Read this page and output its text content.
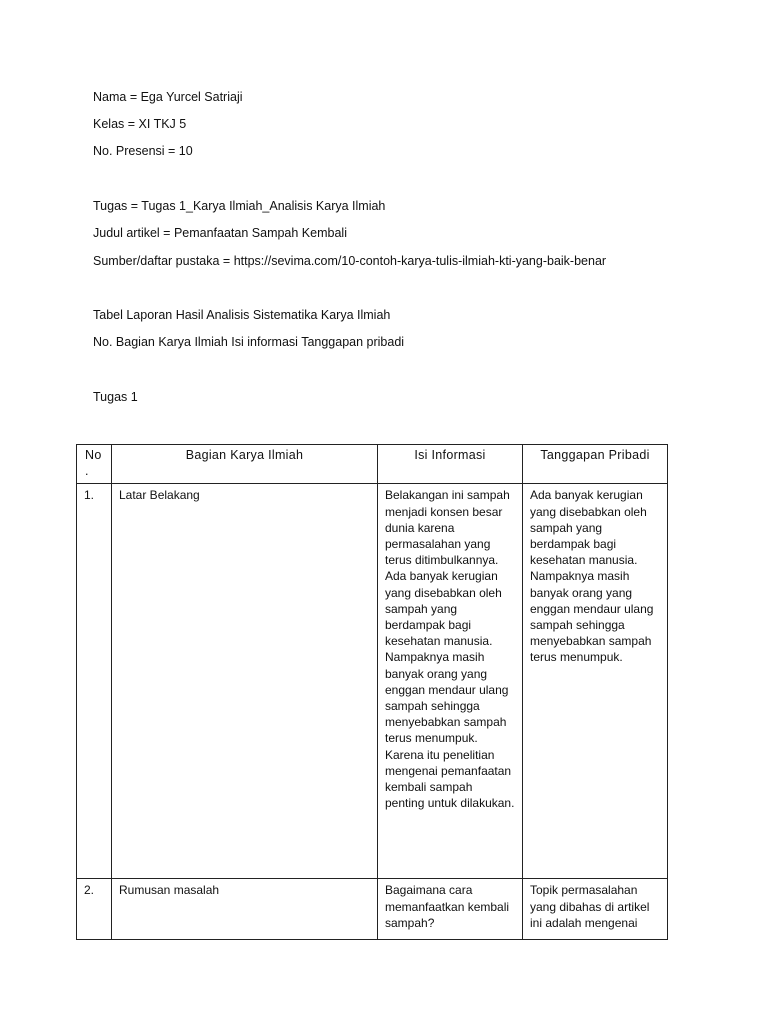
Nama = Ega Yurcel Satriaji
Kelas = XI TKJ 5
No. Presensi = 10
Tugas = Tugas 1_Karya Ilmiah_Analisis Karya Ilmiah
Judul artikel = Pemanfaatan Sampah Kembali
Sumber/daftar pustaka = https://sevima.com/10-contoh-karya-tulis-ilmiah-kti-yang-baik-benar
Tabel Laporan Hasil Analisis Sistematika Karya Ilmiah
No. Bagian Karya Ilmiah Isi informasi Tanggapan pribadi
Tugas 1
No .	Bagian Karya Ilmiah	Isi Informasi	Tanggapan Pribadi
1.	Latar Belakang	Belakangan ini sampah menjadi konsen besar dunia karena permasalahan yang terus ditimbulkannya. Ada banyak kerugian yang disebabkan oleh sampah yang berdampak bagi kesehatan manusia. Nampaknya masih banyak orang yang enggan mendaur ulang sampah sehingga menyebabkan sampah terus menumpuk. Karena itu penelitian mengenai pemanfaatan kembali sampah penting untuk dilakukan.	Ada banyak kerugian yang disebabkan oleh sampah yang berdampak bagi kesehatan manusia. Nampaknya masih banyak orang yang enggan mendaur ulang sampah sehingga menyebabkan sampah terus menumpuk.
2.	Rumusan masalah	Bagaimana cara memanfaatkan kembali sampah?	Topik permasalahan yang dibahas di artikel ini adalah mengenai
